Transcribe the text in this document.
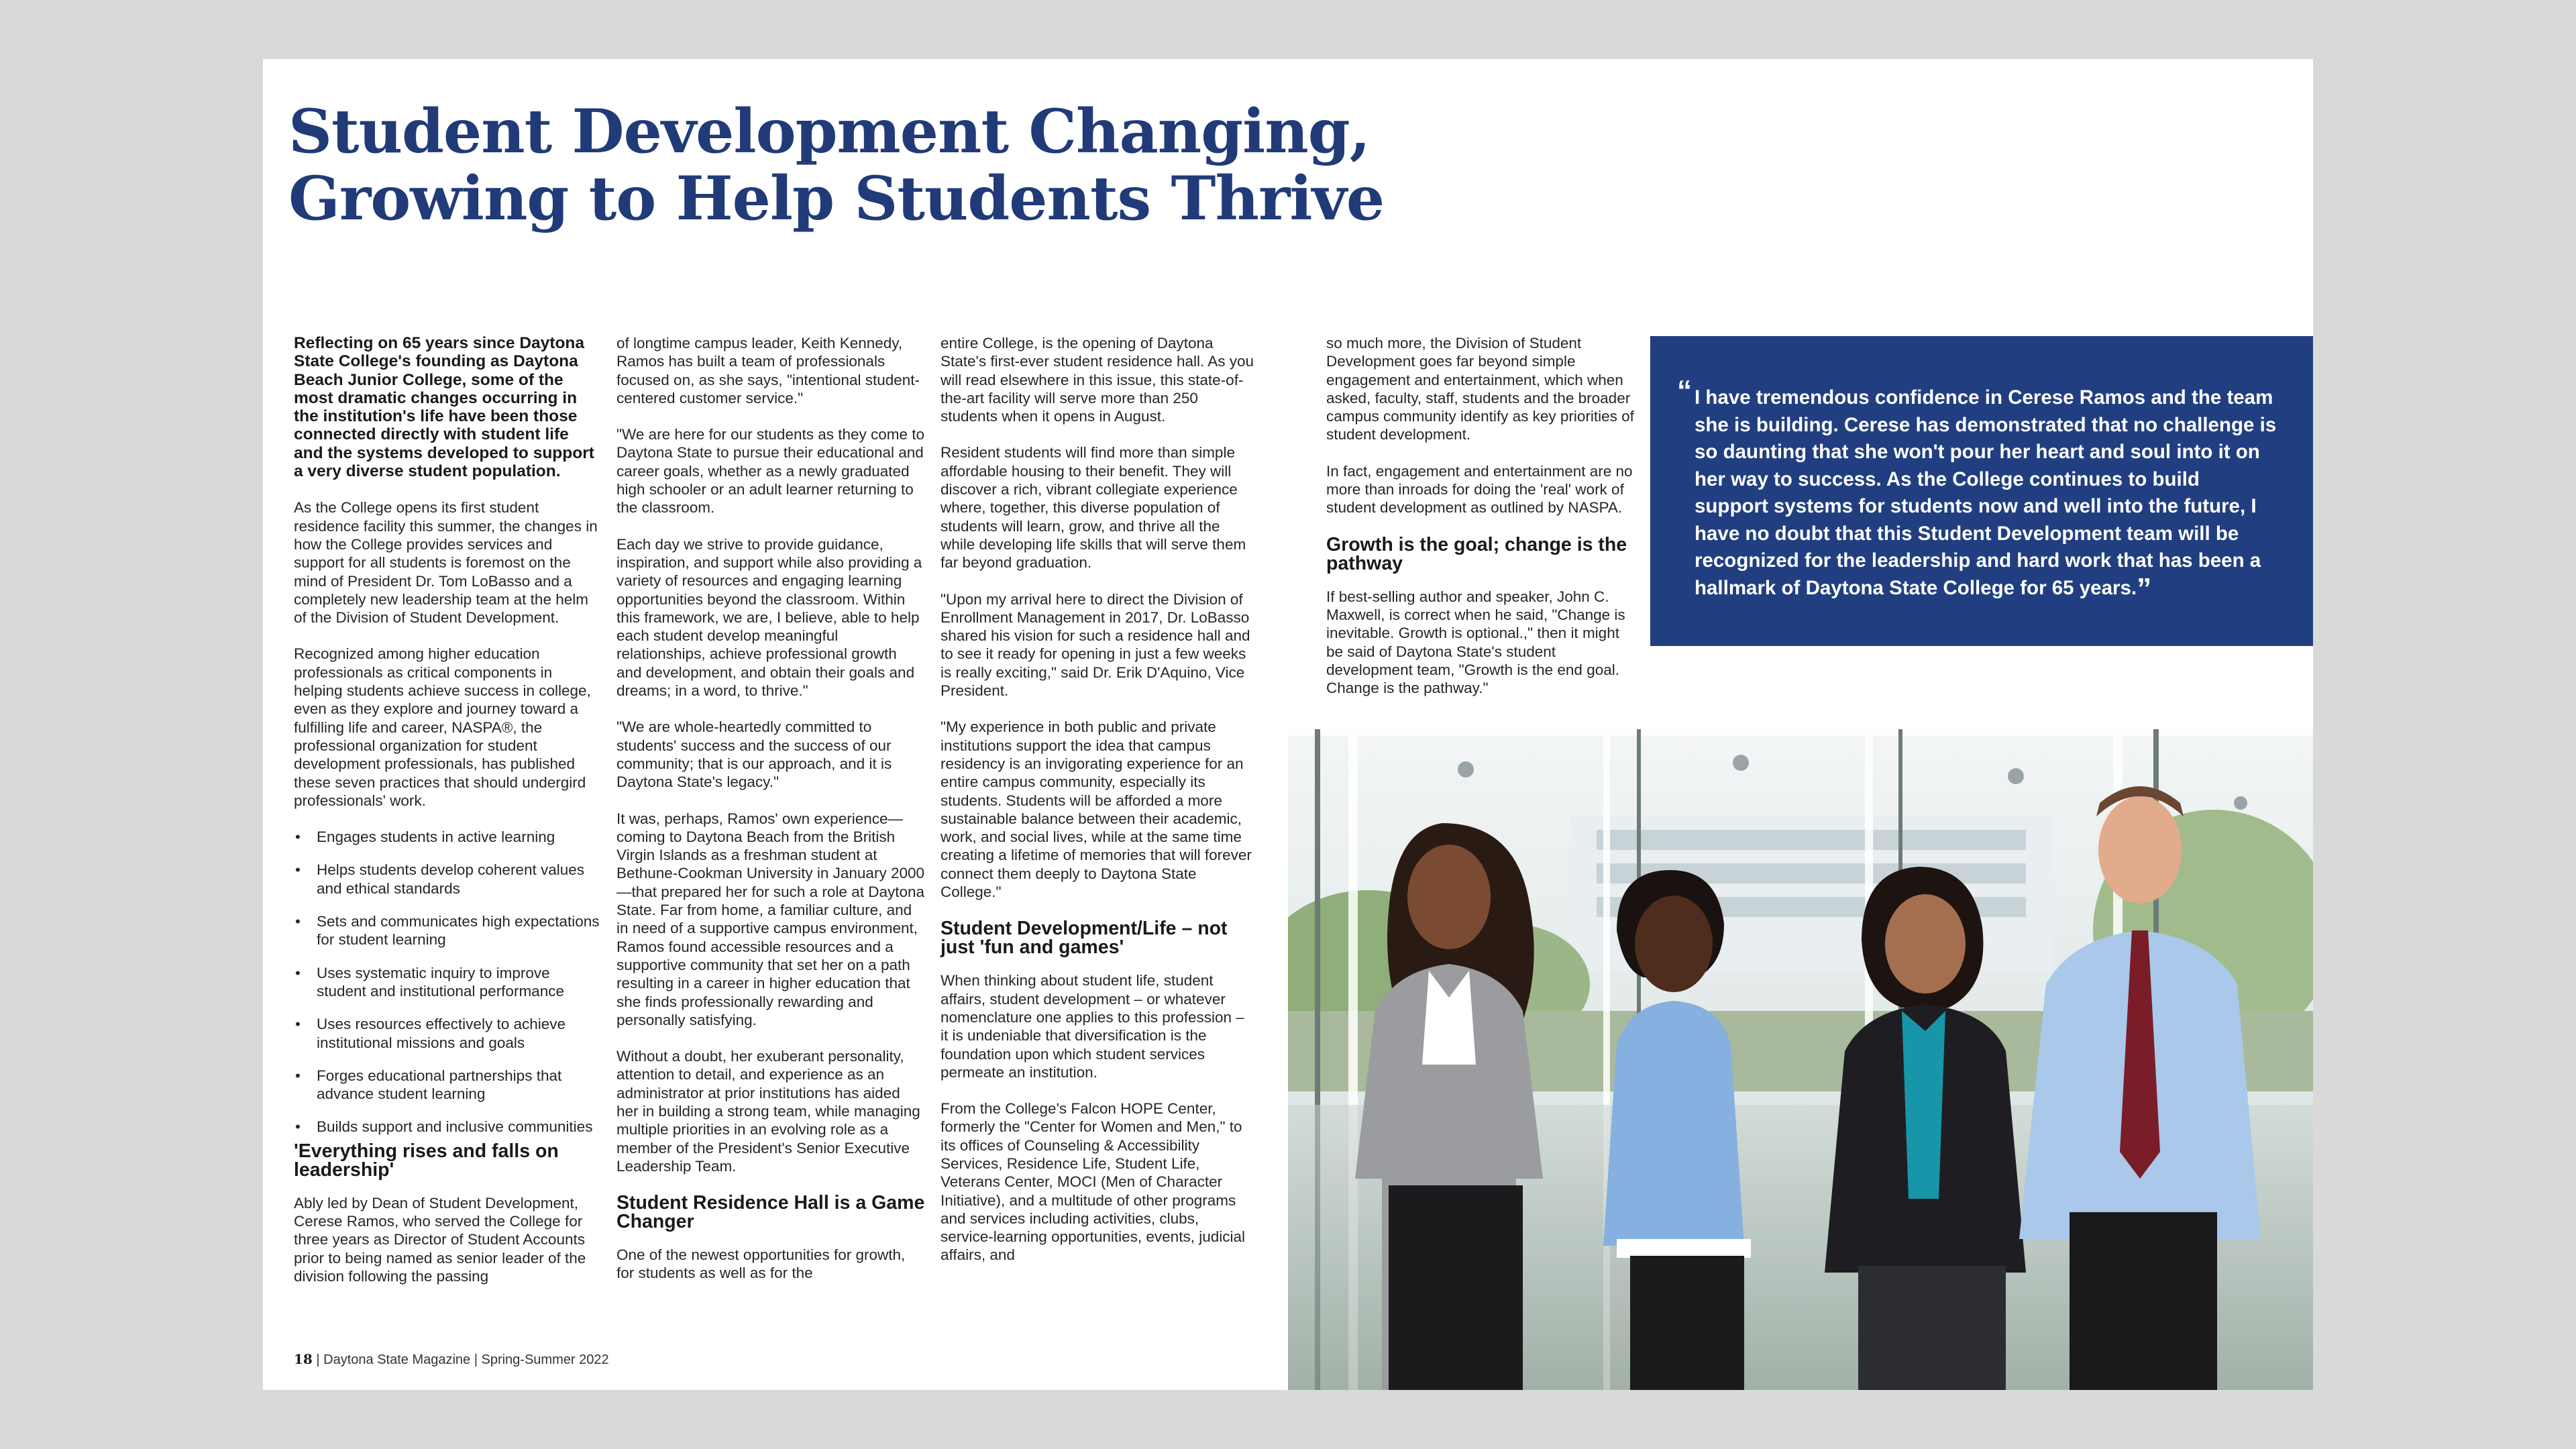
Student Development Changing,
Growing to Help Students Thrive

Reflecting on 65 years since Daytona State College's founding as Daytona Beach Junior College, some of the most dramatic changes occurring in the institution's life have been those connected directly with student life and the systems developed to support a very diverse student population.

As the College opens its first student residence facility this summer, the changes in how the College provides services and support for all students is foremost on the mind of President Dr. Tom LoBasso and a completely new leadership team at the helm of the Division of Student Development.

Recognized among higher education professionals as critical components in helping students achieve success in college, even as they explore and journey toward a fulfilling life and career, NASPA®, the professional organization for student development professionals, has published these seven practices that should undergird professionals' work.

• Engages students in active learning
• Helps students develop coherent values and ethical standards
• Sets and communicates high expectations for student learning
• Uses systematic inquiry to improve student and institutional performance
• Uses resources effectively to achieve institutional missions and goals
• Forges educational partnerships that advance student learning
• Builds support and inclusive communities
'Everything rises and falls on leadership'

Ably led by Dean of Student Development, Cerese Ramos, who served the College for three years as Director of Student Accounts prior to being named as senior leader of the division following the passing

of longtime campus leader, Keith Kennedy, Ramos has built a team of professionals focused on, as she says, "intentional student-centered customer service."

"We are here for our students as they come to Daytona State to pursue their educational and career goals, whether as a newly graduated high schooler or an adult learner returning to the classroom.

Each day we strive to provide guidance, inspiration, and support while also providing a variety of resources and engaging learning opportunities beyond the classroom. Within this framework, we are, I believe, able to help each student develop meaningful relationships, achieve professional growth and development, and obtain their goals and dreams; in a word, to thrive."

"We are whole-heartedly committed to students' success and the success of our community; that is our approach, and it is Daytona State's legacy."

It was, perhaps, Ramos' own experience—coming to Daytona Beach from the British Virgin Islands as a freshman student at Bethune-Cookman University in January 2000—that prepared her for such a role at Daytona State. Far from home, a familiar culture, and in need of a supportive campus environment, Ramos found accessible resources and a supportive community that set her on a path resulting in a career in higher education that she finds professionally rewarding and personally satisfying.

Without a doubt, her exuberant personality, attention to detail, and experience as an administrator at prior institutions has aided her in building a strong team, while managing multiple priorities in an evolving role as a member of the President's Senior Executive Leadership Team.

Student Residence Hall is a Game Changer

One of the newest opportunities for growth, for students as well as for the

entire College, is the opening of Daytona State's first-ever student residence hall. As you will read elsewhere in this issue, this state-of-the-art facility will serve more than 250 students when it opens in August.

Resident students will find more than simple affordable housing to their benefit. They will discover a rich, vibrant collegiate experience where, together, this diverse population of students will learn, grow, and thrive all the while developing life skills that will serve them far beyond graduation.

"Upon my arrival here to direct the Division of Enrollment Management in 2017, Dr. LoBasso shared his vision for such a residence hall and to see it ready for opening in just a few weeks is really exciting," said Dr. Erik D'Aquino, Vice President.

"My experience in both public and private institutions support the idea that campus residency is an invigorating experience for an entire campus community, especially its students. Students will be afforded a more sustainable balance between their academic, work, and social lives, while at the same time creating a lifetime of memories that will forever connect them deeply to Daytona State College."

Student Development/Life – not just 'fun and games'

When thinking about student life, student affairs, student development – or whatever nomenclature one applies to this profession – it is undeniable that diversification is the foundation upon which student services permeate an institution.

From the College's Falcon HOPE Center, formerly the "Center for Women and Men," to its offices of Counseling & Accessibility Services, Residence Life, Student Life, Veterans Center, MOCI (Men of Character Initiative), and a multitude of other programs and services including activities, clubs, service-learning opportunities, events, judicial affairs, and

so much more, the Division of Student Development goes far beyond simple engagement and entertainment, which when asked, faculty, staff, students and the broader campus community identify as key priorities of student development.

In fact, engagement and entertainment are no more than inroads for doing the 'real' work of student development as outlined by NASPA.

Growth is the goal; change is the pathway

If best-selling author and speaker, John C. Maxwell, is correct when he said, "Change is inevitable. Growth is optional.," then it might be said of Daytona State's student development team, "Growth is the end goal. Change is the pathway."

“ I have tremendous confidence in Cerese Ramos and the team she is building. Cerese has demonstrated that no challenge is so daunting that she won't pour her heart and soul into it on her way to success. As the College continues to build support systems for students now and well into the future, I have no doubt that this Student Development team will be recognized for the leadership and hard work that has been a hallmark of Daytona State College for 65 years.”
18 | Daytona State Magazine | Spring-Summer 2022
